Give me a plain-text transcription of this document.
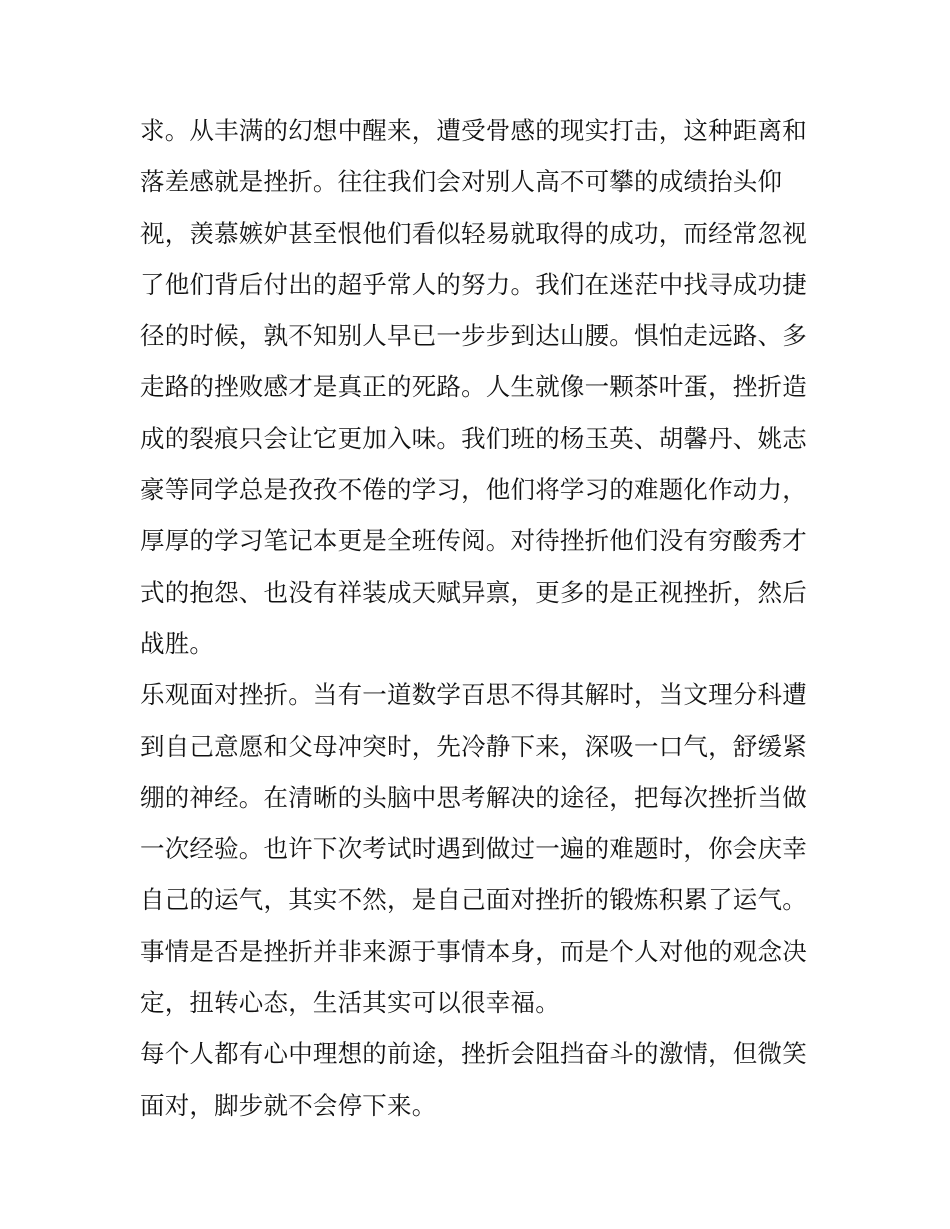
求。从丰满的幻想中醒来，遭受骨感的现实打击，这种距离和
落差感就是挫折。往往我们会对别人高不可攀的成绩抬头仰
视，羡慕嫉妒甚至恨他们看似轻易就取得的成功，而经常忽视
了他们背后付出的超乎常人的努力。我们在迷茫中找寻成功捷
径的时候，孰不知别人早已一步步到达山腰。惧怕走远路、多
走路的挫败感才是真正的死路。人生就像一颗茶叶蛋，挫折造
成的裂痕只会让它更加入味。我们班的杨玉英、胡馨丹、姚志
豪等同学总是孜孜不倦的学习，他们将学习的难题化作动力，
厚厚的学习笔记本更是全班传阅。对待挫折他们没有穷酸秀才
式的抱怨、也没有祥装成天赋异禀，更多的是正视挫折，然后
战胜。
乐观面对挫折。当有一道数学百思不得其解时，当文理分科遭
到自己意愿和父母冲突时，先冷静下来，深吸一口气，舒缓紧
绷的神经。在清晰的头脑中思考解决的途径，把每次挫折当做
一次经验。也许下次考试时遇到做过一遍的难题时，你会庆幸
自己的运气，其实不然，是自己面对挫折的锻炼积累了运气。
事情是否是挫折并非来源于事情本身，而是个人对他的观念决
定，扭转心态，生活其实可以很幸福。
每个人都有心中理想的前途，挫折会阻挡奋斗的激情，但微笑
面对，脚步就不会停下来。
